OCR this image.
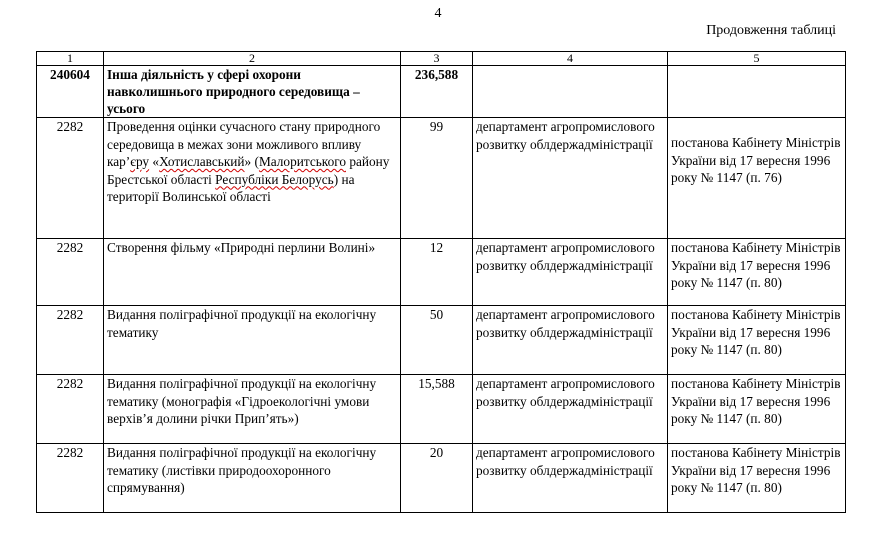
4
Продовження таблиці
1	2	3	4	5
240604	Інша діяльність у сфері охорони навколишнього природного середовища – усього	236,588		
2282	Проведення оцінки сучасного стану природного середовища в межах зони можливого впливу кар’єру «Хотиславський» (Малоритського району Брестської області Республіки Белорусь) на території Волинської області	99	департамент агропромислового розвитку облдержадміністрації	постанова Кабінету Міністрів України від 17 вересня 1996 року № 1147 (п. 76)
2282	Створення фільму «Природні перлини Волині»	12	департамент агропромислового розвитку облдержадміністрації	постанова Кабінету Міністрів України від 17 вересня 1996 року № 1147 (п. 80)
2282	Видання поліграфічної продукції на екологічну тематику	50	департамент агропромислового розвитку облдержадміністрації	постанова Кабінету Міністрів України від 17 вересня 1996 року № 1147 (п. 80)
2282	Видання поліграфічної продукції на екологічну тематику (монографія «Гідроекологічні умови верхів’я долини річки Прип’ять»)	15,588	департамент агропромислового розвитку облдержадміністрації	постанова Кабінету Міністрів України від 17 вересня 1996 року № 1147 (п. 80)
2282	Видання поліграфічної продукції на екологічну тематику (листівки природоохоронного спрямування)	20	департамент агропромислового розвитку облдержадміністрації	постанова Кабінету Міністрів України від 17 вересня 1996 року № 1147 (п. 80)
